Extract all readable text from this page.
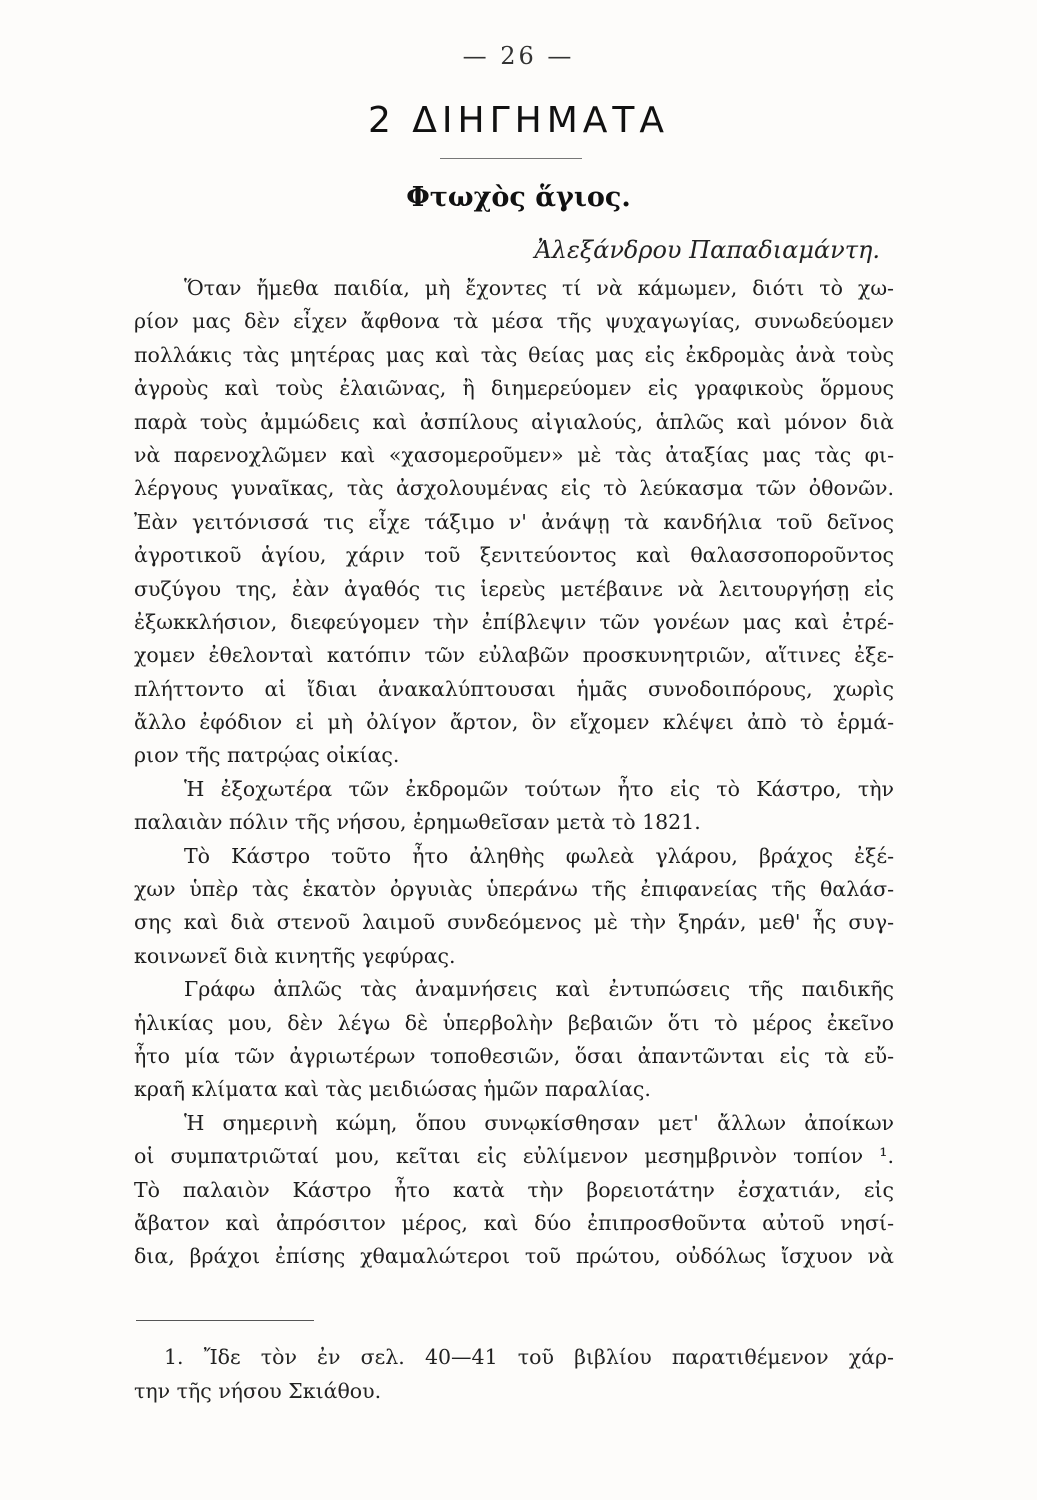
— 26 —
2 ΔΙΗΓΗΜΑΤΑ
Φτωχὸς ἅγιος.
Ἀλεξάνδρου Παπαδιαμάντη.
Ὅταν ἤμεθα παιδία, μὴ ἔχοντες τί νὰ κάμωμεν, διότι τὸ χω-
ρίον μας δὲν εἶχεν ἄφθονα τὰ μέσα τῆς ψυχαγωγίας, συνωδεύομεν
πολλάκις τὰς μητέρας μας καὶ τὰς θείας μας εἰς ἐκδρομὰς ἀνὰ τοὺς
ἀγροὺς καὶ τοὺς ἐλαιῶνας, ἢ διημερεύομεν εἰς γραφικοὺς ὅρμους
παρὰ τοὺς ἀμμώδεις καὶ ἀσπίλους αἰγιαλούς, ἁπλῶς καὶ μόνον διὰ
νὰ παρενοχλῶμεν καὶ «χασομεροῦμεν» μὲ τὰς ἀταξίας μας τὰς φι-
λέργους γυναῖκας, τὰς ἀσχολουμένας εἰς τὸ λεύκασμα τῶν ὀθονῶν.
Ἐὰν γειτόνισσά τις εἶχε τάξιμο ν' ἀνάψῃ τὰ κανδήλια τοῦ δεῖνος
ἀγροτικοῦ ἁγίου, χάριν τοῦ ξενιτεύοντος καὶ θαλασσοποροῦντος
συζύγου της, ἐὰν ἀγαθός τις ἱερεὺς μετέβαινε νὰ λειτουργήσῃ εἰς
ἐξωκκλήσιον, διεφεύγομεν τὴν ἐπίβλεψιν τῶν γονέων μας καὶ ἐτρέ-
χομεν ἐθελονταὶ κατόπιν τῶν εὐλαβῶν προσκυνητριῶν, αἵτινες ἐξε-
πλήττοντο αἱ ἴδιαι ἀνακαλύπτουσαι ἡμᾶς συνοδοιπόρους, χωρὶς
ἄλλο ἐφόδιον εἰ μὴ ὀλίγον ἄρτον, ὃν εἴχομεν κλέψει ἀπὸ τὸ ἑρμά-
ριον τῆς πατρῴας οἰκίας.
Ἡ ἐξοχωτέρα τῶν ἐκδρομῶν τούτων ἦτο εἰς τὸ Κάστρο, τὴν
παλαιὰν πόλιν τῆς νήσου, ἐρημωθεῖσαν μετὰ τὸ 1821.
Τὸ Κάστρο τοῦτο ἦτο ἀληθὴς φωλεὰ γλάρου, βράχος ἐξέ-
χων ὑπὲρ τὰς ἑκατὸν ὀργυιὰς ὑπεράνω τῆς ἐπιφανείας τῆς θαλάσ-
σης καὶ διὰ στενοῦ λαιμοῦ συνδεόμενος μὲ τὴν ξηράν, μεθ' ἧς συγ-
κοινωνεῖ διὰ κινητῆς γεφύρας.
Γράφω ἁπλῶς τὰς ἀναμνήσεις καὶ ἐντυπώσεις τῆς παιδικῆς
ἡλικίας μου, δὲν λέγω δὲ ὑπερβολὴν βεβαιῶν ὅτι τὸ μέρος ἐκεῖνο
ἦτο μία τῶν ἀγριωτέρων τοποθεσιῶν, ὅσαι ἀπαντῶνται εἰς τὰ εὔ-
κραῆ κλίματα καὶ τὰς μειδιώσας ἡμῶν παραλίας.
Ἡ σημερινὴ κώμη, ὅπου συνῳκίσθησαν μετ' ἄλλων ἀποίκων
οἱ συμπατριῶταί μου, κεῖται εἰς εὐλίμενον μεσημβρινὸν τοπίον ¹.
Τὸ παλαιὸν Κάστρο ἦτο κατὰ τὴν βορειοτάτην ἐσχατιάν, εἰς
ἄβατον καὶ ἀπρόσιτον μέρος, καὶ δύο ἐπιπροσθοῦντα αὐτοῦ νησί-
δια, βράχοι ἐπίσης χθαμαλώτεροι τοῦ πρώτου, οὐδόλως ἴσχυον νὰ
1. Ἴδε τὸν ἐν σελ. 40—41 τοῦ βιβλίου παρατιθέμενον χάρ-
την τῆς νήσου Σκιάθου.
